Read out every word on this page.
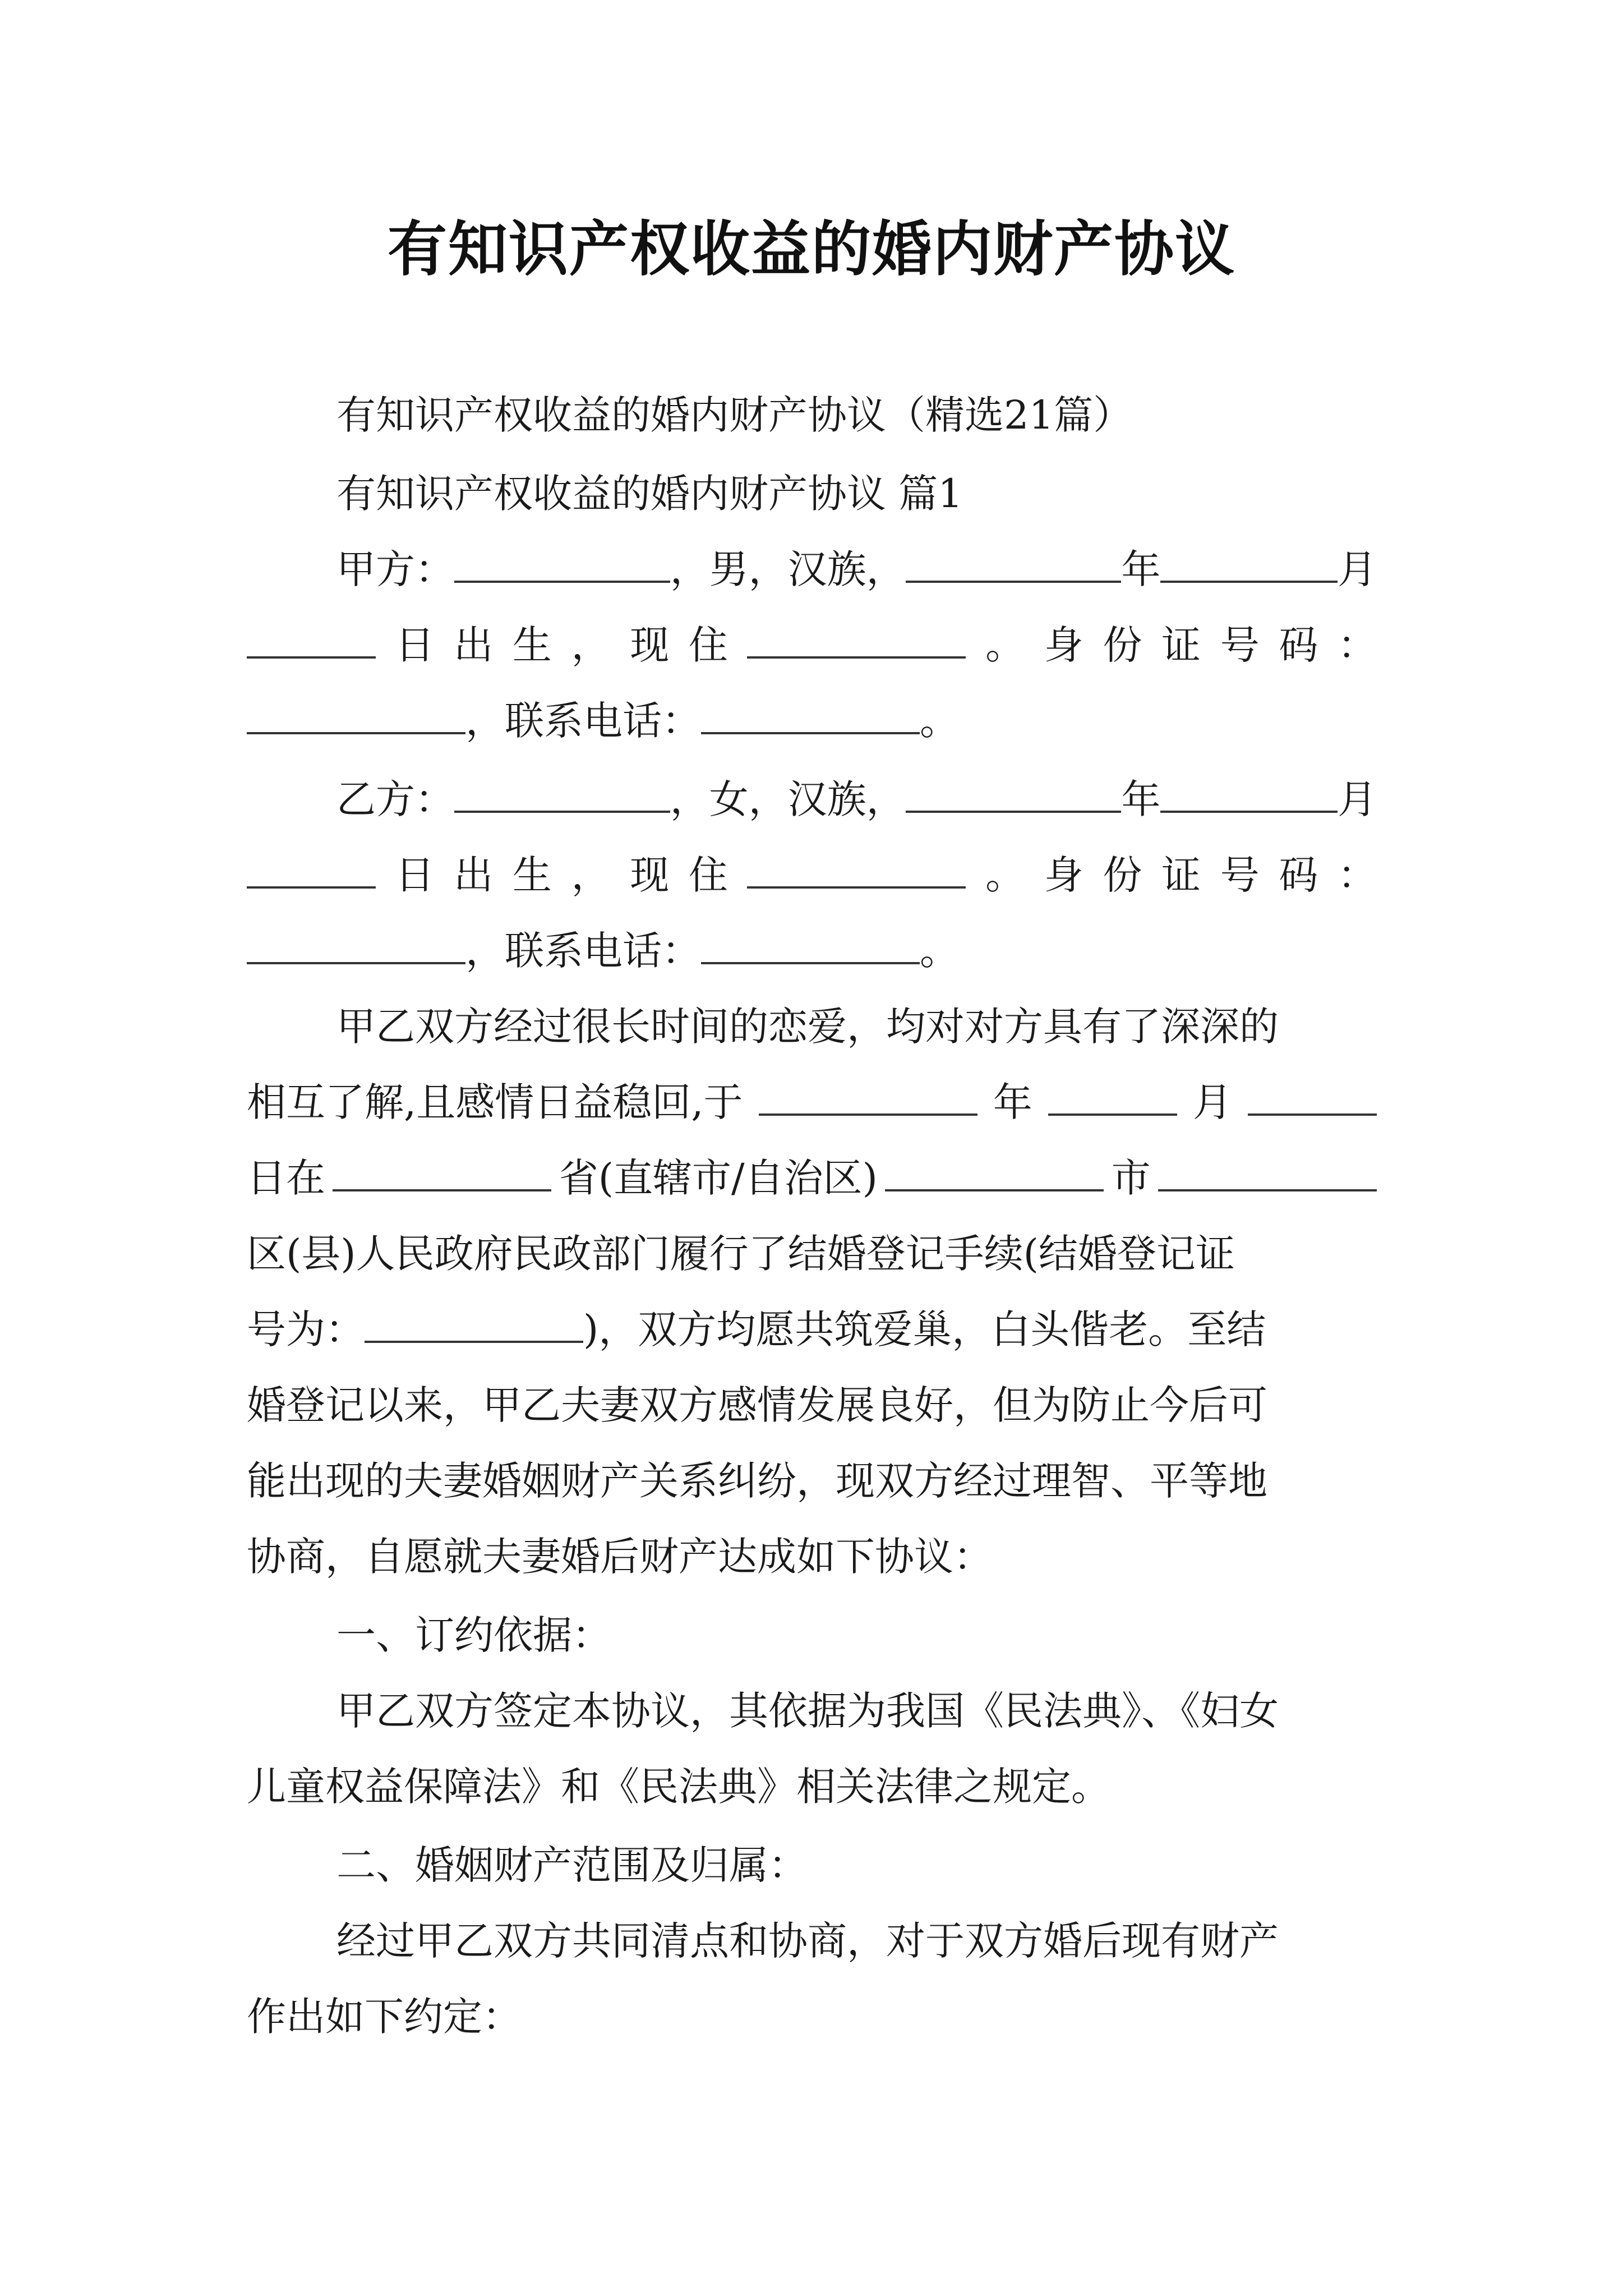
有知识产权收益的婚内财产协议
有知识产权收益的婚内财产协议（精选21篇）
有知识产权收益的婚内财产协议 篇1
甲方：	，男，汉族，	年	月
日 出 生 ， 现 住	。 身 份 证 号 码 ：
，联系电话：	。
乙方：	，女，汉族，	年	月
日 出 生 ， 现 住	。 身 份 证 号 码 ：
，联系电话：	。
甲乙双方经过很长时间的恋爱，均对对方具有了深深的
相互了解,且感情日益稳回,于	年	月
日在	省(直辖市/自治区)	市
区(县)人民政府民政部门履行了结婚登记手续(结婚登记证
号为：	)，双方均愿共筑爱巢，白头偕老。至结
婚登记以来，甲乙夫妻双方感情发展良好，但为防止今后可
能出现的夫妻婚姻财产关系纠纷，现双方经过理智、平等地
协商，自愿就夫妻婚后财产达成如下协议：
一、订约依据：
甲乙双方签定本协议，其依据为我国《民法典》、《妇女
儿童权益保障法》和《民法典》相关法律之规定。
二、婚姻财产范围及归属：
经过甲乙双方共同清点和协商，对于双方婚后现有财产
作出如下约定：
